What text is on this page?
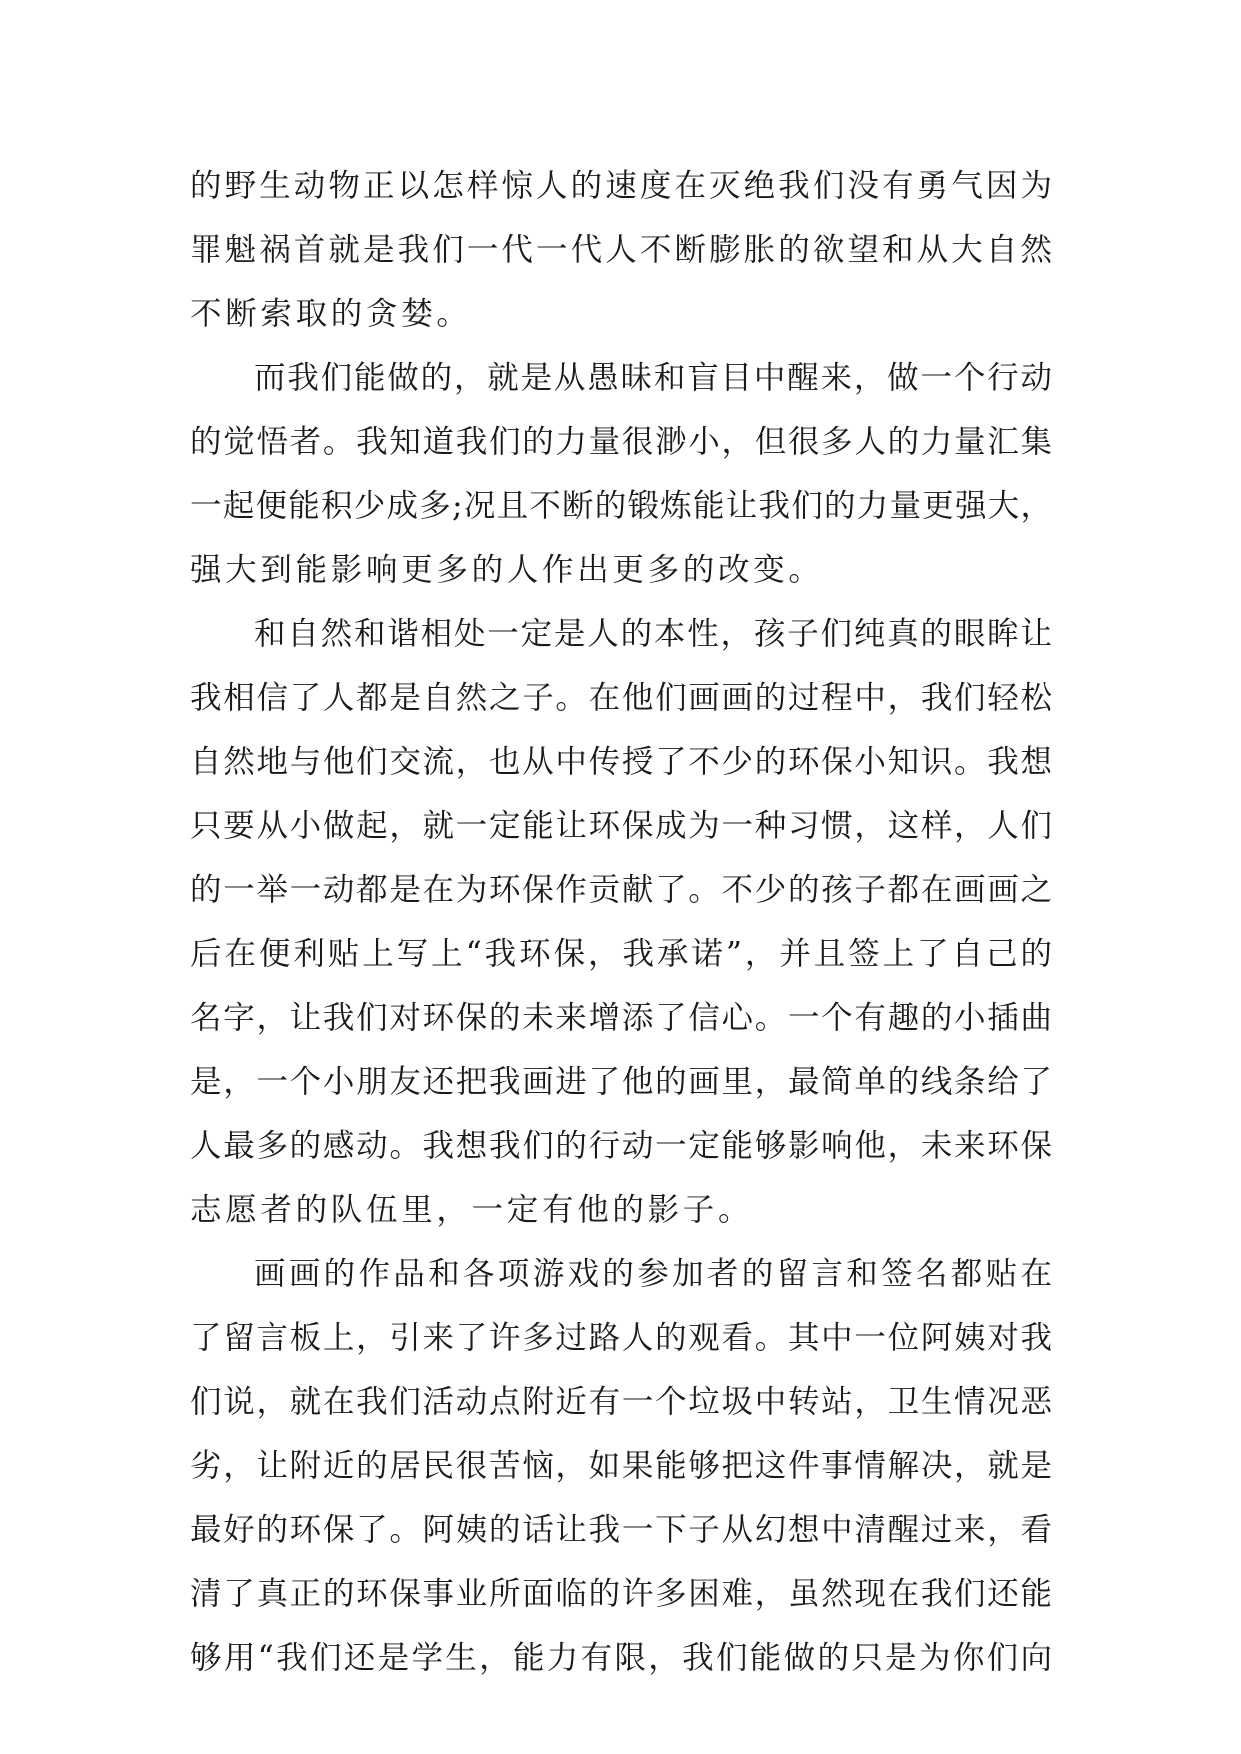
的野生动物正以怎样惊人的速度在灭绝我们没有勇气因为
罪魁祸首就是我们一代一代人不断膨胀的欲望和从大自然
不断索取的贪婪。
而我们能做的，就是从愚昧和盲目中醒来，做一个行动
的觉悟者。我知道我们的力量很渺小，但很多人的力量汇集
一起便能积少成多;况且不断的锻炼能让我们的力量更强大，
强大到能影响更多的人作出更多的改变。
和自然和谐相处一定是人的本性，孩子们纯真的眼眸让
我相信了人都是自然之子。在他们画画的过程中，我们轻松
自然地与他们交流，也从中传授了不少的环保小知识。我想
只要从小做起，就一定能让环保成为一种习惯，这样，人们
的一举一动都是在为环保作贡献了。不少的孩子都在画画之
后在便利贴上写上“我环保，我承诺”，并且签上了自己的
名字，让我们对环保的未来增添了信心。一个有趣的小插曲
是，一个小朋友还把我画进了他的画里，最简单的线条给了
人最多的感动。我想我们的行动一定能够影响他，未来环保
志愿者的队伍里，一定有他的影子。
画画的作品和各项游戏的参加者的留言和签名都贴在
了留言板上，引来了许多过路人的观看。其中一位阿姨对我
们说，就在我们活动点附近有一个垃圾中转站，卫生情况恶
劣，让附近的居民很苦恼，如果能够把这件事情解决，就是
最好的环保了。阿姨的话让我一下子从幻想中清醒过来，看
清了真正的环保事业所面临的许多困难，虽然现在我们还能
够用“我们还是学生，能力有限，我们能做的只是为你们向
